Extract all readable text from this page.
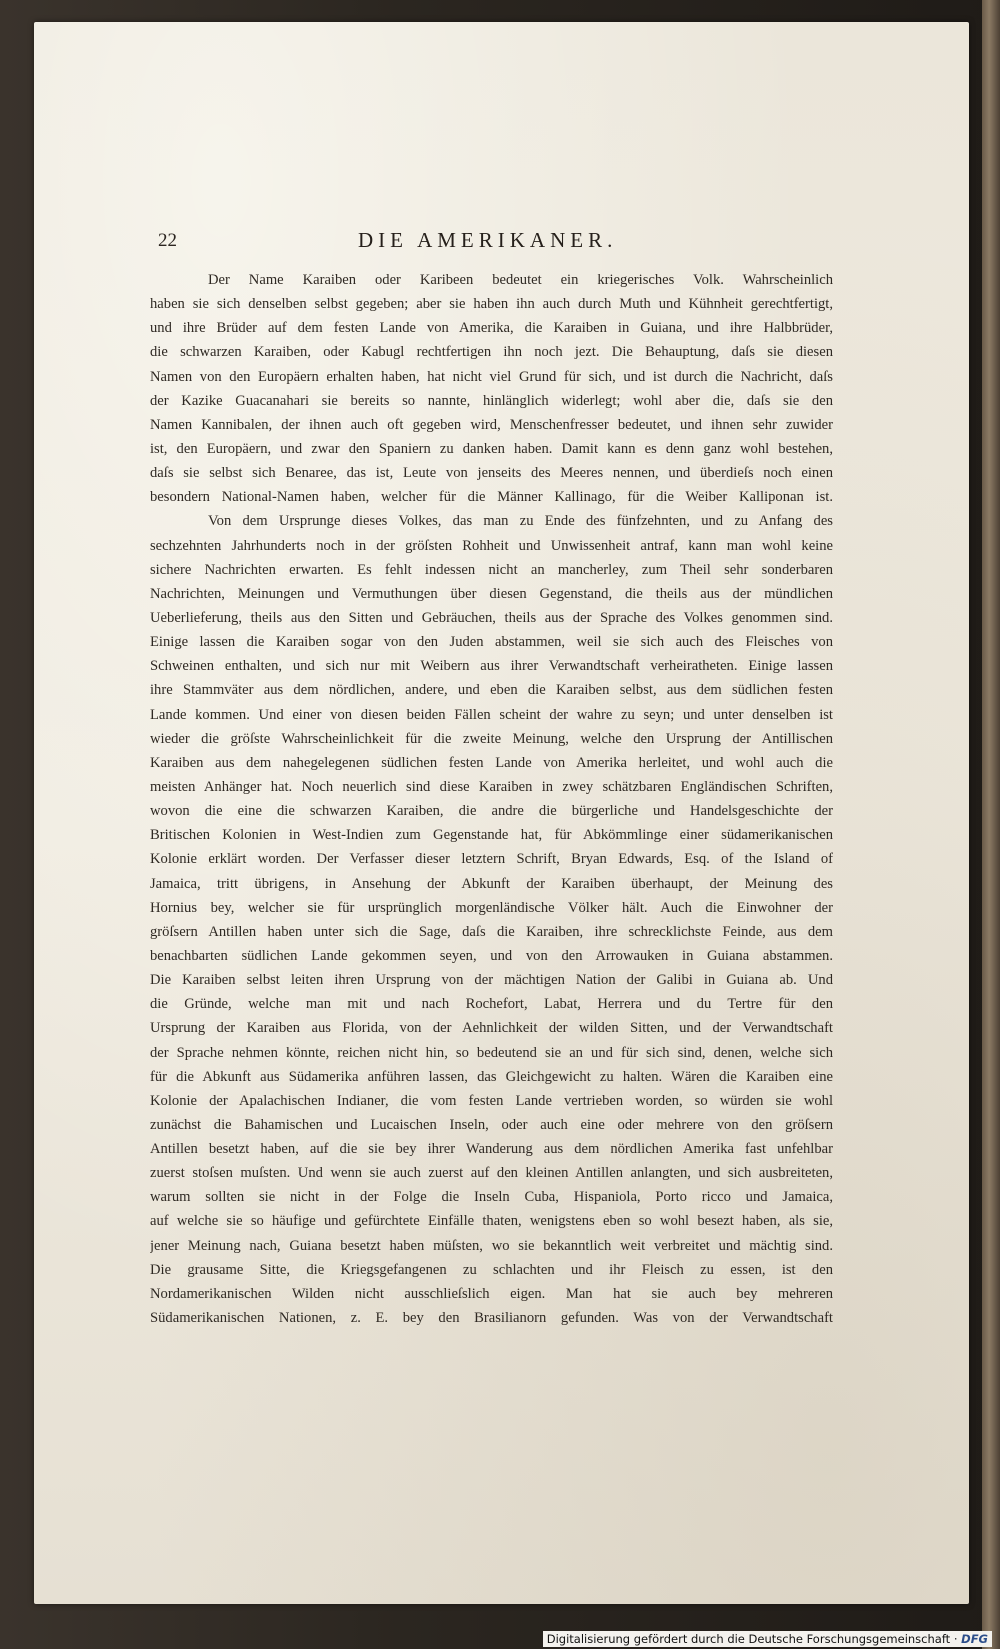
22	DIE AMERIKANER.
Der Name Karaiben oder Karibeen bedeutet ein kriegerisches Volk. Wahrscheinlich
haben sie sich denselben selbst gegeben; aber sie haben ihn auch durch Muth und Kühnheit gerechtfertigt,
und ihre Brüder auf dem festen Lande von Amerika, die Karaiben in Guiana, und ihre Halbbrüder,
die schwarzen Karaiben, oder Kabugl rechtfertigen ihn noch jezt. Die Behauptung, daſs sie diesen
Namen von den Europäern erhalten haben, hat nicht viel Grund für sich, und ist durch die Nachricht, daſs
der Kazike Guacanahari sie bereits so nannte, hinlänglich widerlegt; wohl aber die, daſs sie den
Namen Kannibalen, der ihnen auch oft gegeben wird, Menschenfresser bedeutet, und ihnen sehr zuwider
ist, den Europäern, und zwar den Spaniern zu danken haben. Damit kann es denn ganz wohl bestehen,
daſs sie selbst sich Benaree, das ist, Leute von jenseits des Meeres nennen, und überdieſs noch einen
besondern National-Namen haben, welcher für die Männer Kallinago, für die Weiber Kalliponan ist.
Von dem Ursprunge dieses Volkes, das man zu Ende des fünfzehnten, und zu Anfang des
sechzehnten Jahrhunderts noch in der gröſsten Rohheit und Unwissenheit antraf, kann man wohl keine
sichere Nachrichten erwarten. Es fehlt indessen nicht an mancherley, zum Theil sehr sonderbaren
Nachrichten, Meinungen und Vermuthungen über diesen Gegenstand, die theils aus der mündlichen
Ueberlieferung, theils aus den Sitten und Gebräuchen, theils aus der Sprache des Volkes genommen sind.
Einige lassen die Karaiben sogar von den Juden abstammen, weil sie sich auch des Fleisches von
Schweinen enthalten, und sich nur mit Weibern aus ihrer Verwandtschaft verheiratheten. Einige lassen
ihre Stammväter aus dem nördlichen, andere, und eben die Karaiben selbst, aus dem südlichen festen
Lande kommen. Und einer von diesen beiden Fällen scheint der wahre zu seyn; und unter denselben ist
wieder die gröſste Wahrscheinlichkeit für die zweite Meinung, welche den Ursprung der Antillischen
Karaiben aus dem nahegelegenen südlichen festen Lande von Amerika herleitet, und wohl auch die
meisten Anhänger hat. Noch neuerlich sind diese Karaiben in zwey schätzbaren Engländischen Schriften,
wovon die eine die schwarzen Karaiben, die andre die bürgerliche und Handelsgeschichte der
Britischen Kolonien in West-Indien zum Gegenstande hat, für Abkömmlinge einer südamerikanischen
Kolonie erklärt worden. Der Verfasser dieser letztern Schrift, Bryan Edwards, Esq. of the Island of
Jamaica, tritt übrigens, in Ansehung der Abkunft der Karaiben überhaupt, der Meinung des
Hornius bey, welcher sie für ursprünglich morgenländische Völker hält. Auch die Einwohner der
gröſsern Antillen haben unter sich die Sage, daſs die Karaiben, ihre schrecklichste Feinde, aus dem
benachbarten südlichen Lande gekommen seyen, und von den Arrowauken in Guiana abstammen.
Die Karaiben selbst leiten ihren Ursprung von der mächtigen Nation der Galibi in Guiana ab. Und
die Gründe, welche man mit und nach Rochefort, Labat, Herrera und du Tertre für den
Ursprung der Karaiben aus Florida, von der Aehnlichkeit der wilden Sitten, und der Verwandtschaft
der Sprache nehmen könnte, reichen nicht hin, so bedeutend sie an und für sich sind, denen, welche sich
für die Abkunft aus Südamerika anführen lassen, das Gleichgewicht zu halten. Wären die Karaiben eine
Kolonie der Apalachischen Indianer, die vom festen Lande vertrieben worden, so würden sie wohl
zunächst die Bahamischen und Lucaischen Inseln, oder auch eine oder mehrere von den gröſsern
Antillen besetzt haben, auf die sie bey ihrer Wanderung aus dem nördlichen Amerika fast unfehlbar
zuerst stoſsen muſsten. Und wenn sie auch zuerst auf den kleinen Antillen anlangten, und sich ausbreiteten,
warum sollten sie nicht in der Folge die Inseln Cuba, Hispaniola, Porto ricco und Jamaica,
auf welche sie so häufige und gefürchtete Einfälle thaten, wenigstens eben so wohl besezt haben, als sie,
jener Meinung nach, Guiana besetzt haben müſsten, wo sie bekanntlich weit verbreitet und mächtig sind.
Die grausame Sitte, die Kriegsgefangenen zu schlachten und ihr Fleisch zu essen, ist den
Nordamerikanischen Wilden nicht ausschlieſslich eigen. Man hat sie auch bey mehreren
Südamerikanischen Nationen, z. E. bey den Brasilianorn gefunden. Was von der Verwandtschaft
Digitalisierung gefördert durch die Deutsche Forschungsgemeinschaft · DFG
